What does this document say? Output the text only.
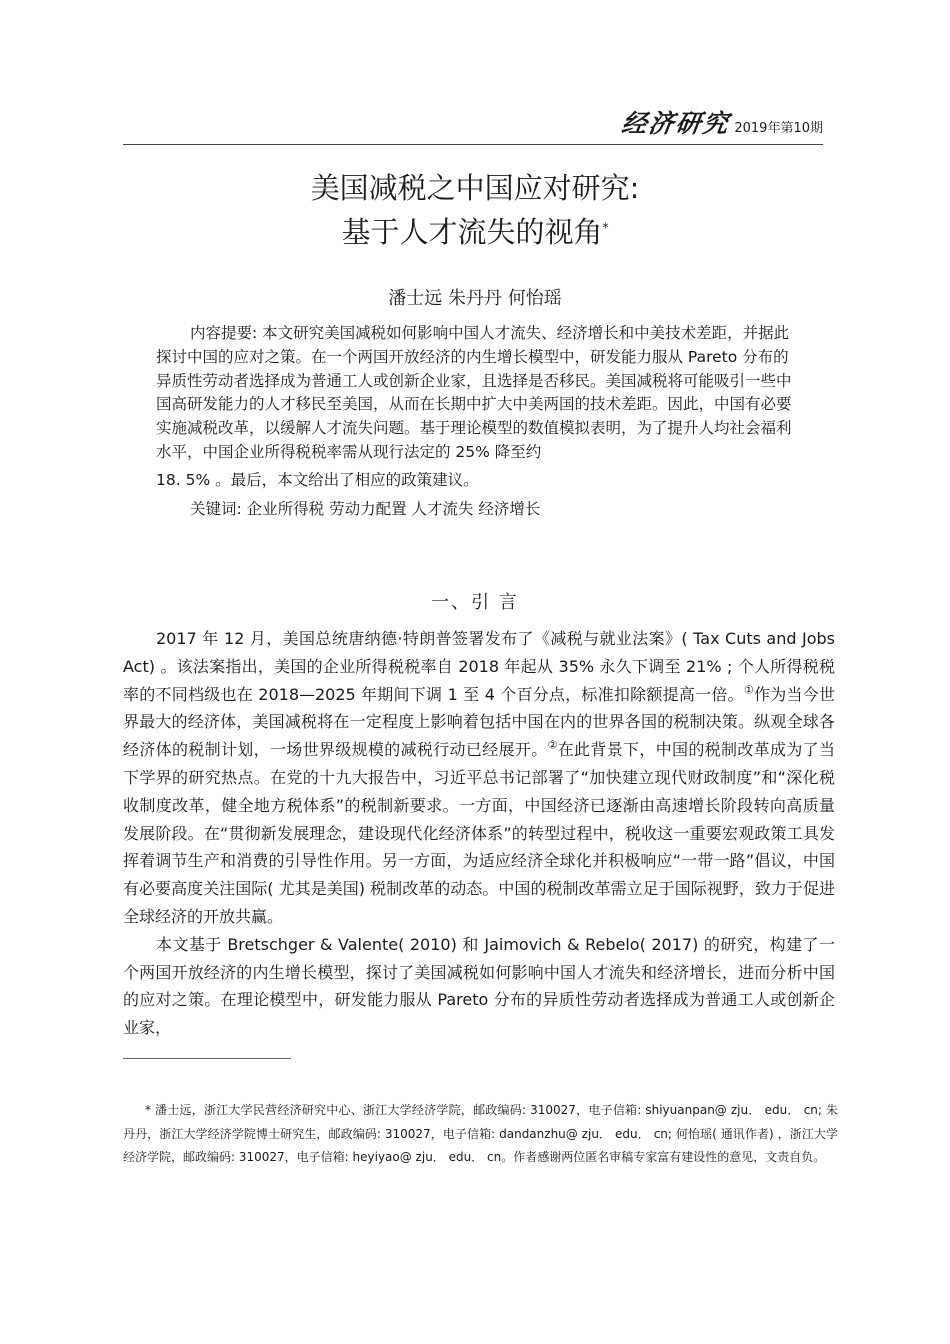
经济研究 2019年第10期
美国减税之中国应对研究:
基于人才流失的视角*
潘士远 朱丹丹 何怡瑶

内容提要: 本文研究美国减税如何影响中国人才流失、经济增长和中美技术差距，并据此探讨中国的应对之策。在一个两国开放经济的内生增长模型中，研发能力服从 Pareto 分布的异质性劳动者选择成为普通工人或创新企业家，且选择是否移民。美国减税将可能吸引一些中国高研发能力的人才移民至美国，从而在长期中扩大中美两国的技术差距。因此，中国有必要实施减税改革，以缓解人才流失问题。基于理论模型的数值模拟表明，为了提升人均社会福利水平，中国企业所得税税率需从现行法定的 25% 降至约

18. 5% 。最后，本文给出了相应的政策建议。

关键词: 企业所得税 劳动力配置 人才流失 经济增长

一、引 言

2017 年 12 月，美国总统唐纳德·特朗普签署发布了《减税与就业法案》( Tax Cuts and Jobs Act) 。该法案指出，美国的企业所得税税率自 2018 年起从 35% 永久下调至 21% ; 个人所得税税率的不同档级也在 2018—2025 年期间下调 1 至 4 个百分点，标准扣除额提高一倍。①作为当今世界最大的经济体，美国减税将在一定程度上影响着包括中国在内的世界各国的税制决策。纵观全球各经济体的税制计划，一场世界级规模的减税行动已经展开。②在此背景下，中国的税制改革成为了当下学界的研究热点。在党的十九大报告中，习近平总书记部署了“加快建立现代财政制度”和“深化税收制度改革，健全地方税体系”的税制新要求。一方面，中国经济已逐渐由高速增长阶段转向高质量发展阶段。在“贯彻新发展理念，建设现代化经济体系”的转型过程中，税收这一重要宏观政策工具发挥着调节生产和消费的引导性作用。另一方面，为适应经济全球化并积极响应“一带一路”倡议，中国有必要高度关注国际( 尤其是美国) 税制改革的动态。中国的税制改革需立足于国际视野，致力于促进全球经济的开放共赢。

本文基于 Bretschger & Valente( 2010) 和 Jaimovich & Rebelo( 2017) 的研究，构建了一个两国开放经济的内生增长模型，探讨了美国减税如何影响中国人才流失和经济增长，进而分析中国的应对之策。在理论模型中，研发能力服从 Pareto 分布的异质性劳动者选择成为普通工人或创新企业家，

* 潘士远，浙江大学民营经济研究中心、浙江大学经济学院，邮政编码: 310027，电子信箱: shiyuanpan@ zju． edu． cn; 朱丹丹，浙江大学经济学院博士研究生，邮政编码: 310027，电子信箱: dandanzhu@ zju． edu． cn; 何怡瑶( 通讯作者) ，浙江大学经济学院，邮政编码: 310027，电子信箱: heyiyao@ zju． edu． cn。作者感谢两位匿名审稿专家富有建设性的意见，文责自负。
